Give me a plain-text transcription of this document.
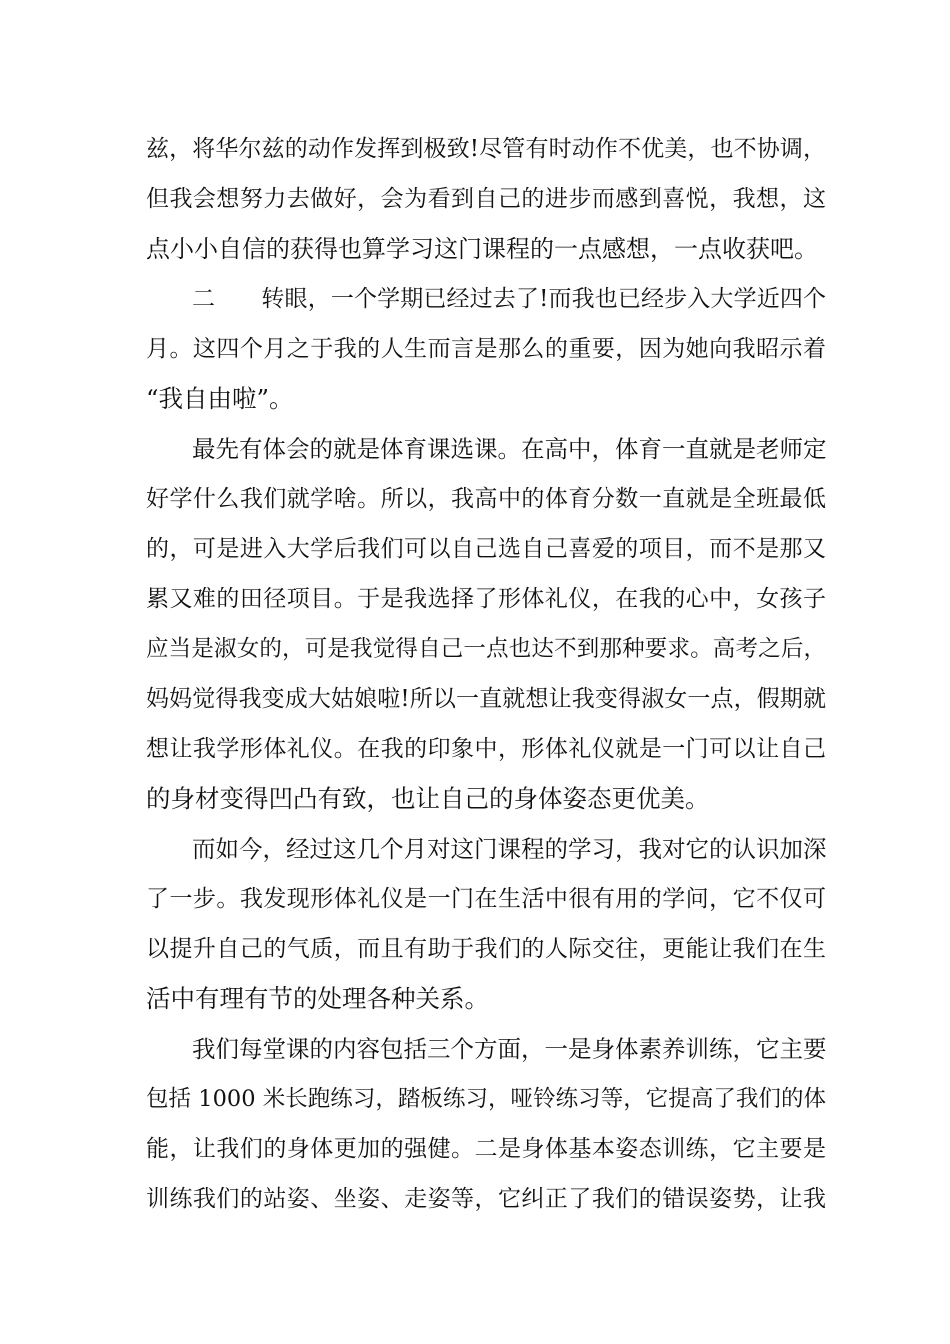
兹，将华尔兹的动作发挥到极致!尽管有时动作不优美，也不协调，
但我会想努力去做好，会为看到自己的进步而感到喜悦，我想，这
点小小自信的获得也算学习这门课程的一点感想，一点收获吧。
二　　转眼，一个学期已经过去了!而我也已经步入大学近四个
月。这四个月之于我的人生而言是那么的重要，因为她向我昭示着
“我自由啦”。
最先有体会的就是体育课选课。在高中，体育一直就是老师定
好学什么我们就学啥。所以，我高中的体育分数一直就是全班最低
的，可是进入大学后我们可以自己选自己喜爱的项目，而不是那又
累又难的田径项目。于是我选择了形体礼仪，在我的心中，女孩子
应当是淑女的，可是我觉得自己一点也达不到那种要求。高考之后，
妈妈觉得我变成大姑娘啦!所以一直就想让我变得淑女一点，假期就
想让我学形体礼仪。在我的印象中，形体礼仪就是一门可以让自己
的身材变得凹凸有致，也让自己的身体姿态更优美。
而如今，经过这几个月对这门课程的学习，我对它的认识加深
了一步。我发现形体礼仪是一门在生活中很有用的学问，它不仅可
以提升自己的气质，而且有助于我们的人际交往，更能让我们在生
活中有理有节的处理各种关系。
我们每堂课的内容包括三个方面，一是身体素养训练，它主要
包括 1000 米长跑练习，踏板练习，哑铃练习等，它提高了我们的体
能，让我们的身体更加的强健。二是身体基本姿态训练，它主要是
训练我们的站姿、坐姿、走姿等，它纠正了我们的错误姿势，让我
